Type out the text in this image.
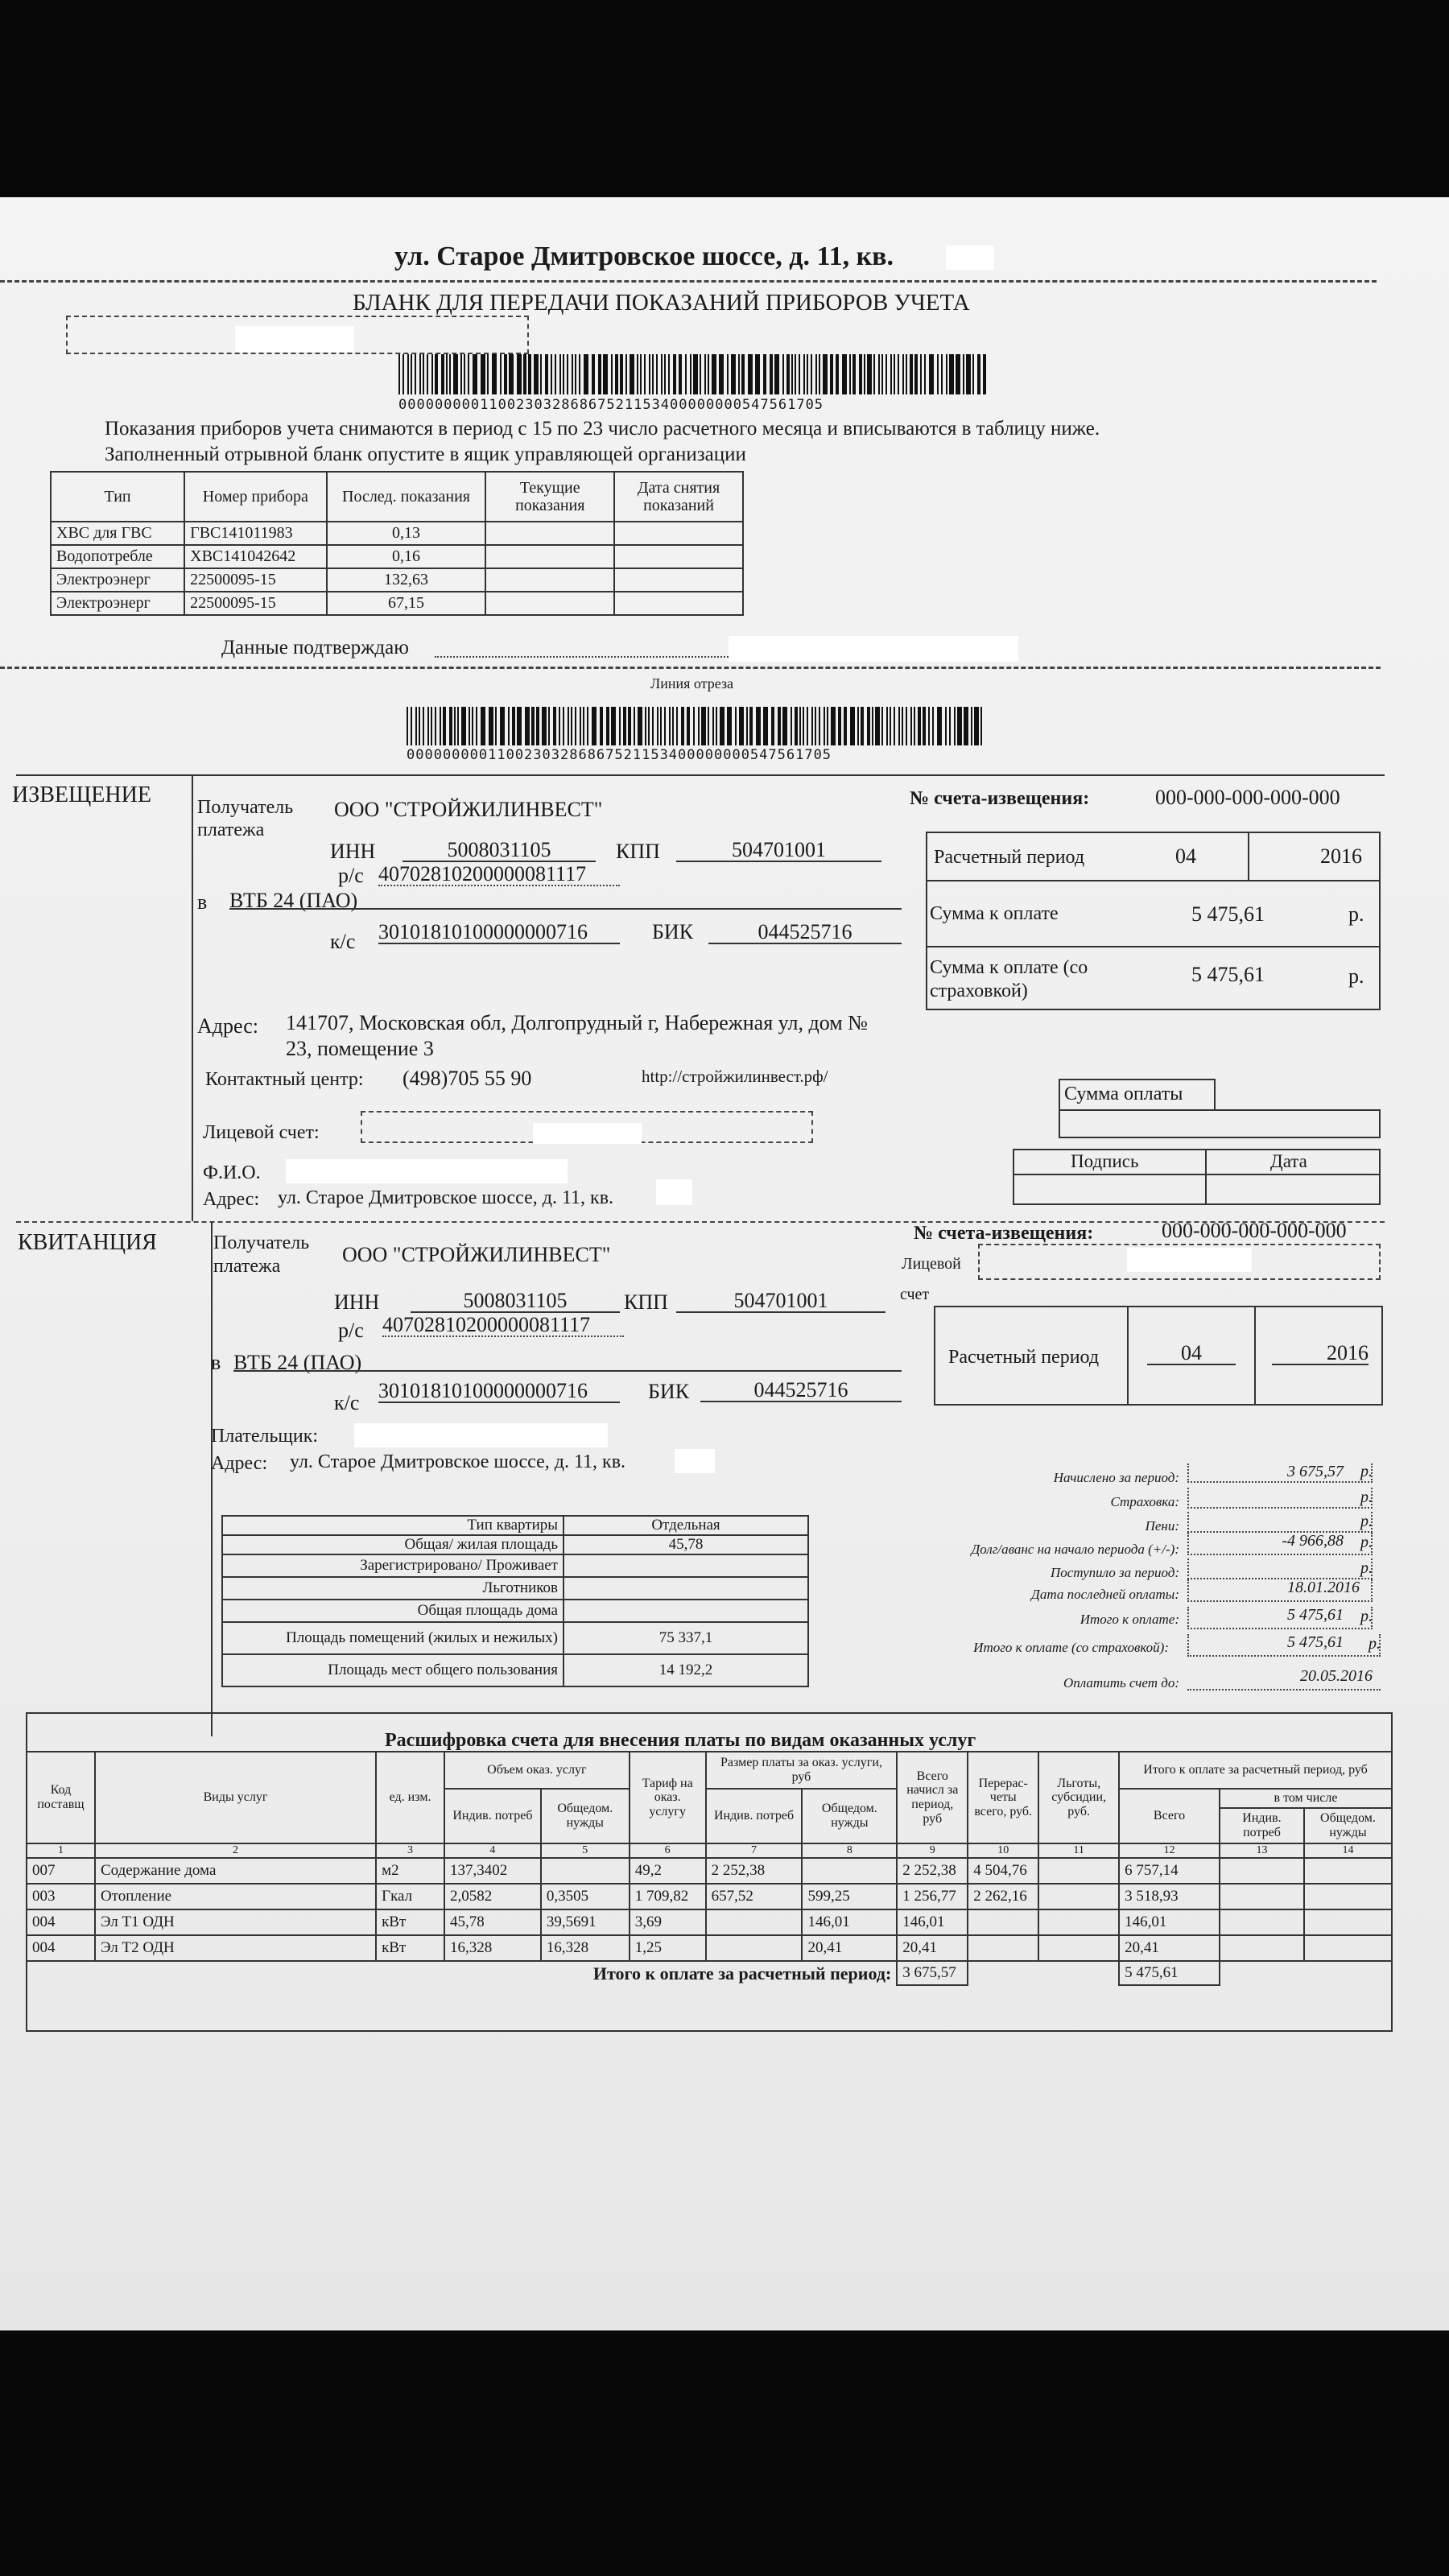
ул. Старое Дмитровское шоссе, д. 11, кв.
БЛАНК ДЛЯ ПЕРЕДАЧИ ПОКАЗАНИЙ ПРИБОРОВ УЧЕТА
00000000011002303286867521153400000000547561705
Показания приборов учета снимаются в период с 15 по 23 число расчетного месяца и вписываются в таблицу ниже.
Заполненный отрывной бланк опустите в ящик управляющей организации
Тип	Номер прибора	Послед. показания	Текущие показания	Дата снятия показаний
ХВС для ГВС	ГВС141011983	0,13		
Водопотребле	ХВС141042642	0,16		
Электроэнерг	22500095-15	132,63		
Электроэнерг	22500095-15	67,15		
Данные подтверждаю
Линия отреза
00000000011002303286867521153400000000547561705
ИЗВЕЩЕНИЕ Получатель платежа
ООО "СТРОЙЖИЛИНВЕСТ"
ИНН	5008031105	КПП	504701001
р/с 40702810200000081117
в ВТБ 24 (ПАО)
к/с 30101810100000000716	БИК	044525716
Адрес: 141707, Московская обл, Долгопрудный г, Набережная ул, дом №
23, помещение 3
Контактный центр: (498)705 55 90	http://стройжилинвест.рф/
Лицевой счет:
Ф.И.О.
Адрес: ул. Старое Дмитровское шоссе, д. 11, кв.
№ счета-извещения:	000-000-000-000-000
Расчетный период	04	2016
Сумма к оплате	5 475,61	р.
Сумма к оплате (со страховкой)
5 475,61	р.
Сумма оплаты
Подпись	Дата
КВИТАНЦИЯ	Получатель платежа	ООО "СТРОЙЖИЛИНВЕСТ"
ИНН	5008031105	КПП	504701001
р/с 40702810200000081117
в ВТБ 24 (ПАО)
к/с
30101810100000000716	БИК	044525716
Плательщик:
Адрес: ул. Старое Дмитровское шоссе, д. 11, кв.
№ счета-извещения:	000-000-000-000-000
Лицевой
счет
Расчетный период	04	2016
Тип квартиры	Отдельная
Общая/ жилая площадь	45,78
Зарегистрировано/ Проживает	
Льготников	
Общая площадь дома	
Площадь помещений (жилых и нежилых)	75 337,1
Площадь мест общего пользования	14 192,2
Начислено за период:	3 675,57	р.
Страховка:	р.
Пени:	р.
Долг/аванс на начало периода (+/-):	-4 966,88	р.
Поступило за период:	р.
Дата последней оплаты:	18.01.2016
Итого к оплате:	5 475,61	р.
Итого к оплате (со страховкой):	5 475,61	р.
Оплатить счет до:	20.05.2016
Расшифровка счета для внесения платы по видам оказанных услуг
Код поставщ	Виды услуг	ед. изм.	Объем оказ. услуг		Тариф на оказ. услугу	Размер платы за оказ. услуги, руб		Всего начисл за период, руб	Перерас-четы всего, руб.	Льготы, субсидии, руб.	Итого к оплате за расчетный период, руб		
			Индив. потреб	Общедом. нужды		Индив. потреб	Общедом. нужды				Всего	в том числе	
												Индив. потреб	Общедом. нужды
1	2	3	4	5	6	7	8	9	10	11	12	13	14
007	Содержание дома	м2	137,3402		49,2	2 252,38		2 252,38	4 504,76		6 757,14		
003	Отопление	Гкал	2,0582	0,3505	1 709,82	657,52	599,25	1 256,77	2 262,16		3 518,93		
004	Эл Т1 ОДН	кВт	45,78	39,5691	3,69		146,01	146,01			146,01		
004	Эл Т2 ОДН	кВт	16,328	16,328	1,25		20,41	20,41			20,41		
Итого к оплате за расчетный период:								3 675,57			5 475,61		
